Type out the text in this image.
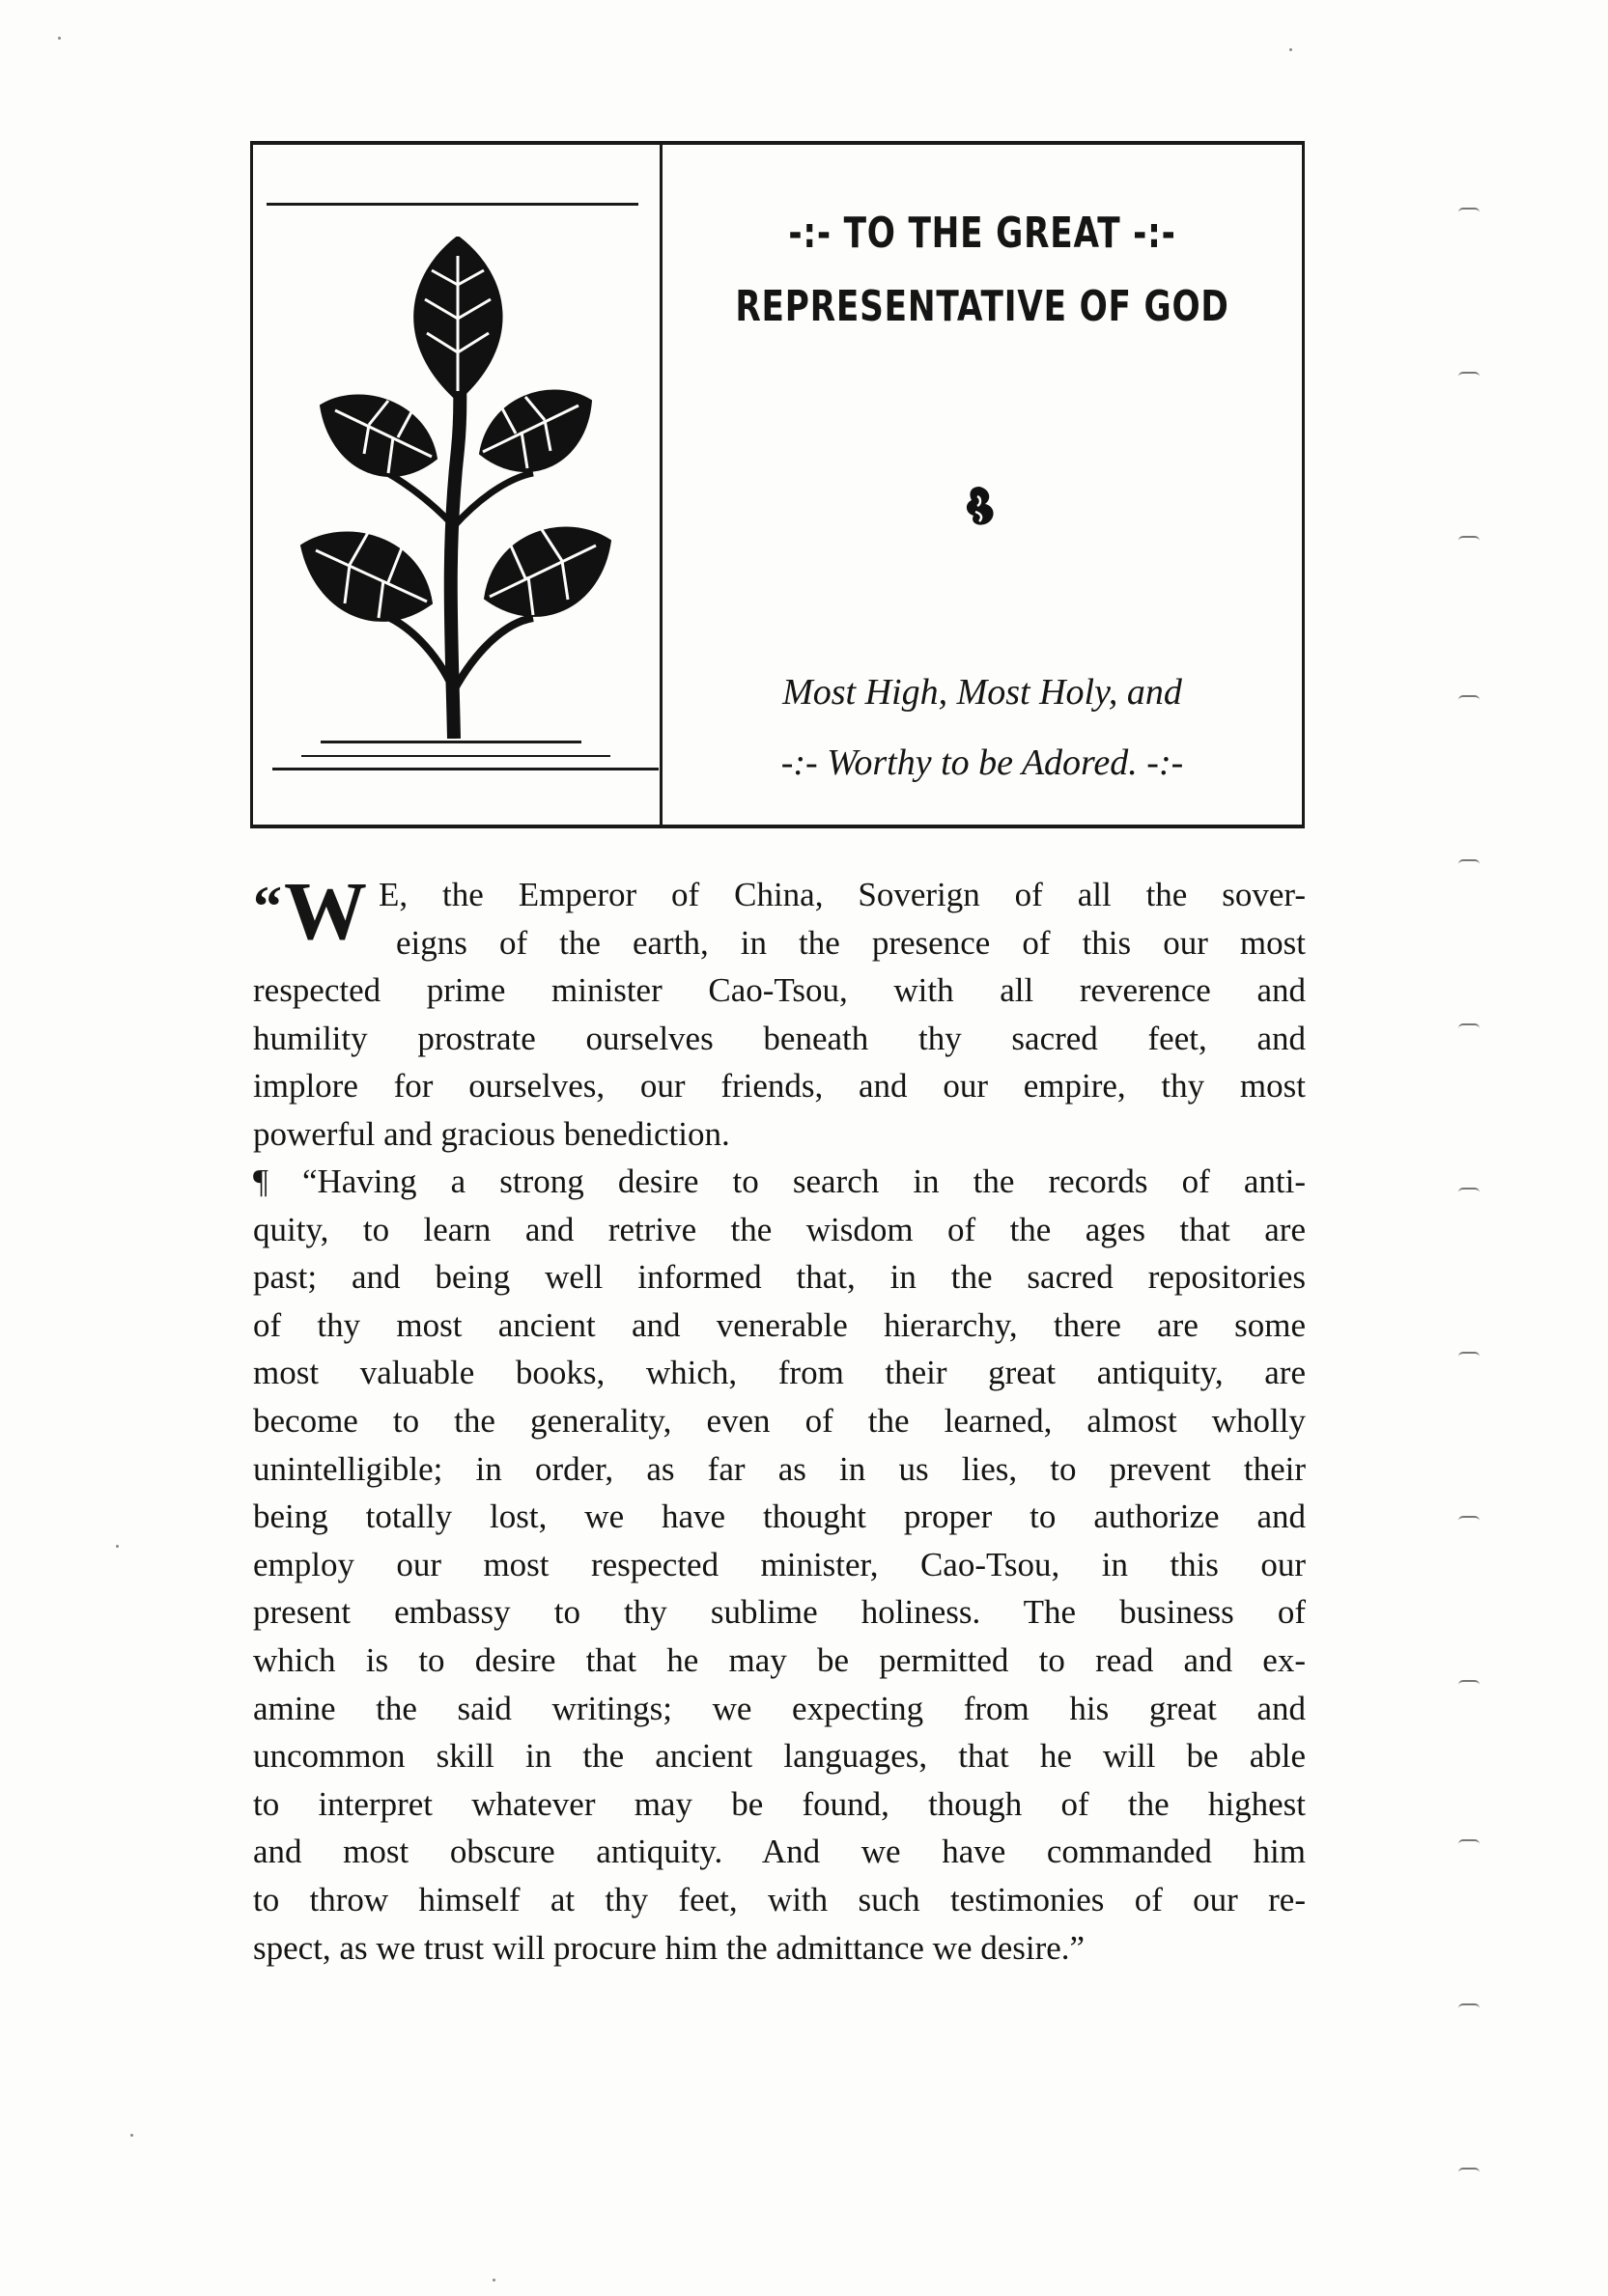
-:- TO THE GREAT -:-
REPRESENTATIVE OF GOD
Most High, Most Holy, and
-:- Worthy to be Adored. -:-
“W E, the Emperor of China, Soverign of all the sover-
eigns of the earth, in the presence of this our most
respected prime minister Cao-Tsou, with all reverence and
humility prostrate ourselves beneath thy sacred feet, and
implore for ourselves, our friends, and our empire, thy most
powerful and gracious benediction.
¶ “Having a strong desire to search in the records of anti-
quity, to learn and retrive the wisdom of the ages that are
past; and being well informed that, in the sacred repositories
of thy most ancient and venerable hierarchy, there are some
most valuable books, which, from their great antiquity, are
become to the generality, even of the learned, almost wholly
unintelligible; in order, as far as in us lies, to prevent their
being totally lost, we have thought proper to authorize and
employ our most respected minister, Cao-Tsou, in this our
present embassy to thy sublime holiness. The business of
which is to desire that he may be permitted to read and ex-
amine the said writings; we expecting from his great and
uncommon skill in the ancient languages, that he will be able
to interpret whatever may be found, though of the highest
and most obscure antiquity. And we have commanded him
to throw himself at thy feet, with such testimonies of our re-
spect, as we trust will procure him the admittance we desire.”
